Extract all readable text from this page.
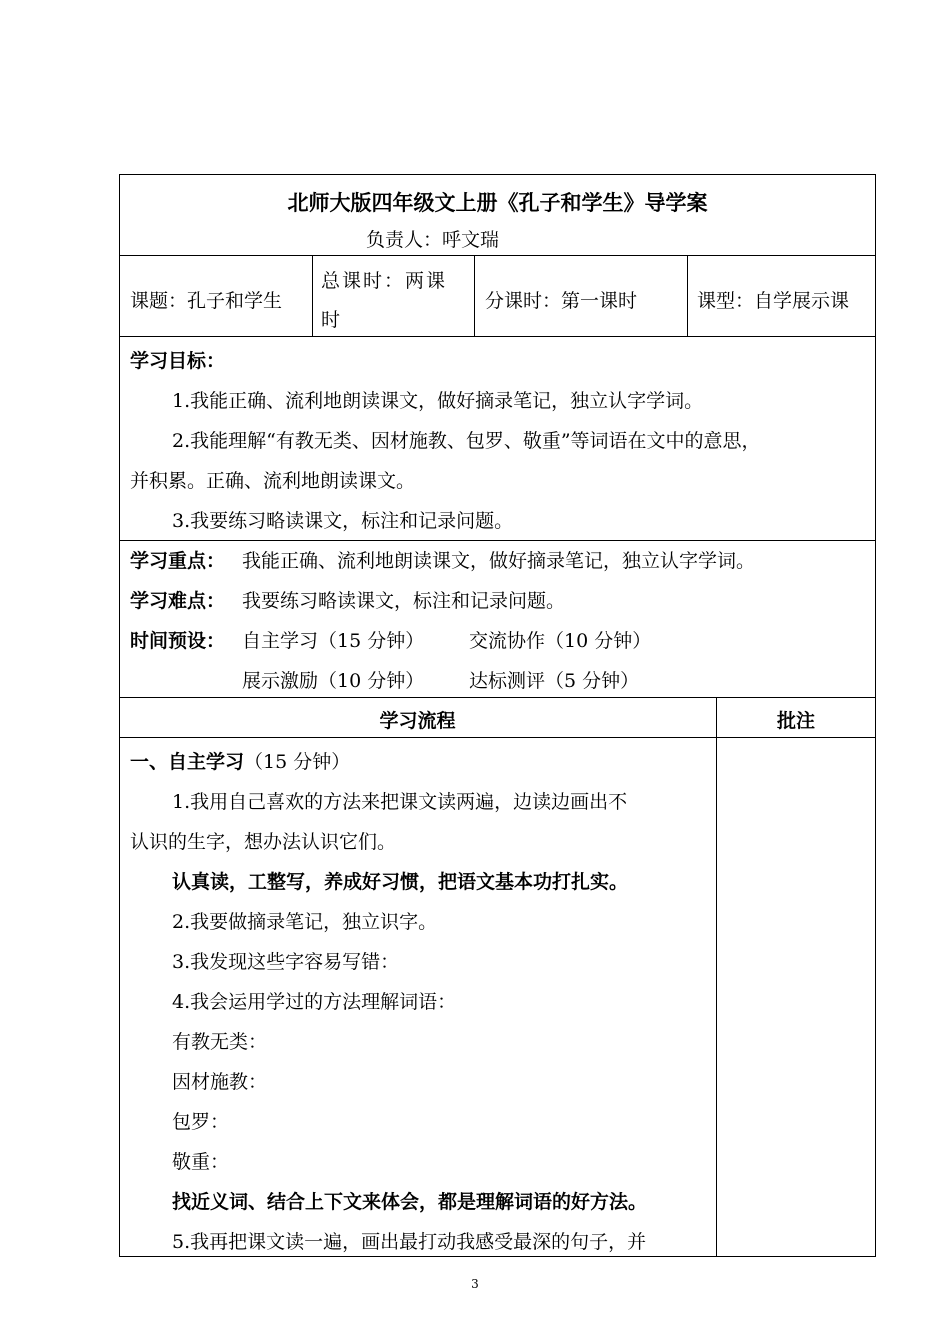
北师大版四年级文上册《孔子和学生》导学案
负责人：呼文瑞
课题：孔子和学生
总课时：两课
时
分课时：第一课时	课型：自学展示课
学习目标：
1.我能正确、流利地朗读课文，做好摘录笔记，独立认字学词。
2.我能理解“有教无类、因材施教、包罗、敬重”等词语在文中的意思，
并积累。正确、流利地朗读课文。
3.我要练习略读课文，标注和记录问题。
学习重点： 我能正确、流利地朗读课文，做好摘录笔记，独立认字学词。
学习难点： 我要练习略读课文，标注和记录问题。
时间预设： 自主学习（15 分钟） 交流协作（10 分钟）
展示激励（10 分钟） 达标测评（5 分钟）
学习流程	批注
一、自主学习（15 分钟）
1.我用自己喜欢的方法来把课文读两遍，边读边画出不
认识的生字，想办法认识它们。
认真读，工整写，养成好习惯，把语文基本功打扎实。
2.我要做摘录笔记，独立识字。
3.我发现这些字容易写错：
4.我会运用学过的方法理解词语：
有教无类：
因材施教：
包罗：
敬重：
找近义词、结合上下文来体会，都是理解词语的好方法。
5.我再把课文读一遍，画出最打动我感受最深的句子，并
3
